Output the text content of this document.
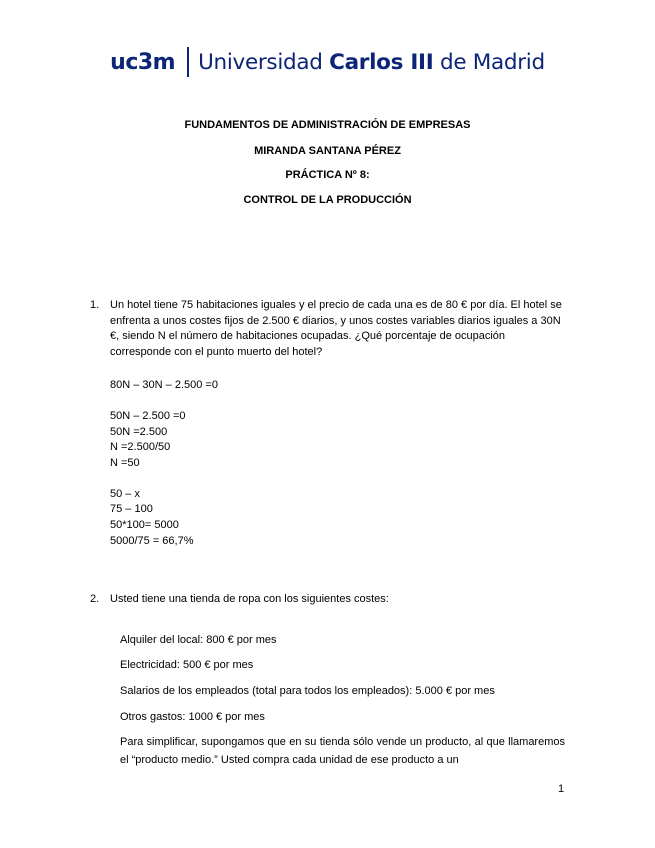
uc3m Universidad Carlos III de Madrid
FUNDAMENTOS DE ADMINISTRACIÓN DE EMPRESAS
MIRANDA SANTANA PÉREZ
PRÁCTICA Nº 8:
CONTROL DE LA PRODUCCIÓN
1. Un hotel tiene 75 habitaciones iguales y el precio de cada una es de 80 € por día. El hotel se enfrenta a unos costes fijos de 2.500 € diarios, y unos costes variables diarios iguales a 30N €, siendo N el número de habitaciones ocupadas. ¿Qué porcentaje de ocupación corresponde con el punto muerto del hotel?
80N – 30N – 2.500 =0
50N – 2.500 =0
50N =2.500
N =2.500/50
N =50
50 – x
75 – 100
50*100= 5000
5000/75 = 66,7%
2. Usted tiene una tienda de ropa con los siguientes costes:
Alquiler del local: 800 € por mes
Electricidad: 500 € por mes
Salarios de los empleados (total para todos los empleados): 5.000 € por mes
Otros gastos: 1000 € por mes
Para simplificar, supongamos que en su tienda sólo vende un producto, al que llamaremos el “producto medio.” Usted compra cada unidad de ese producto a un
1
